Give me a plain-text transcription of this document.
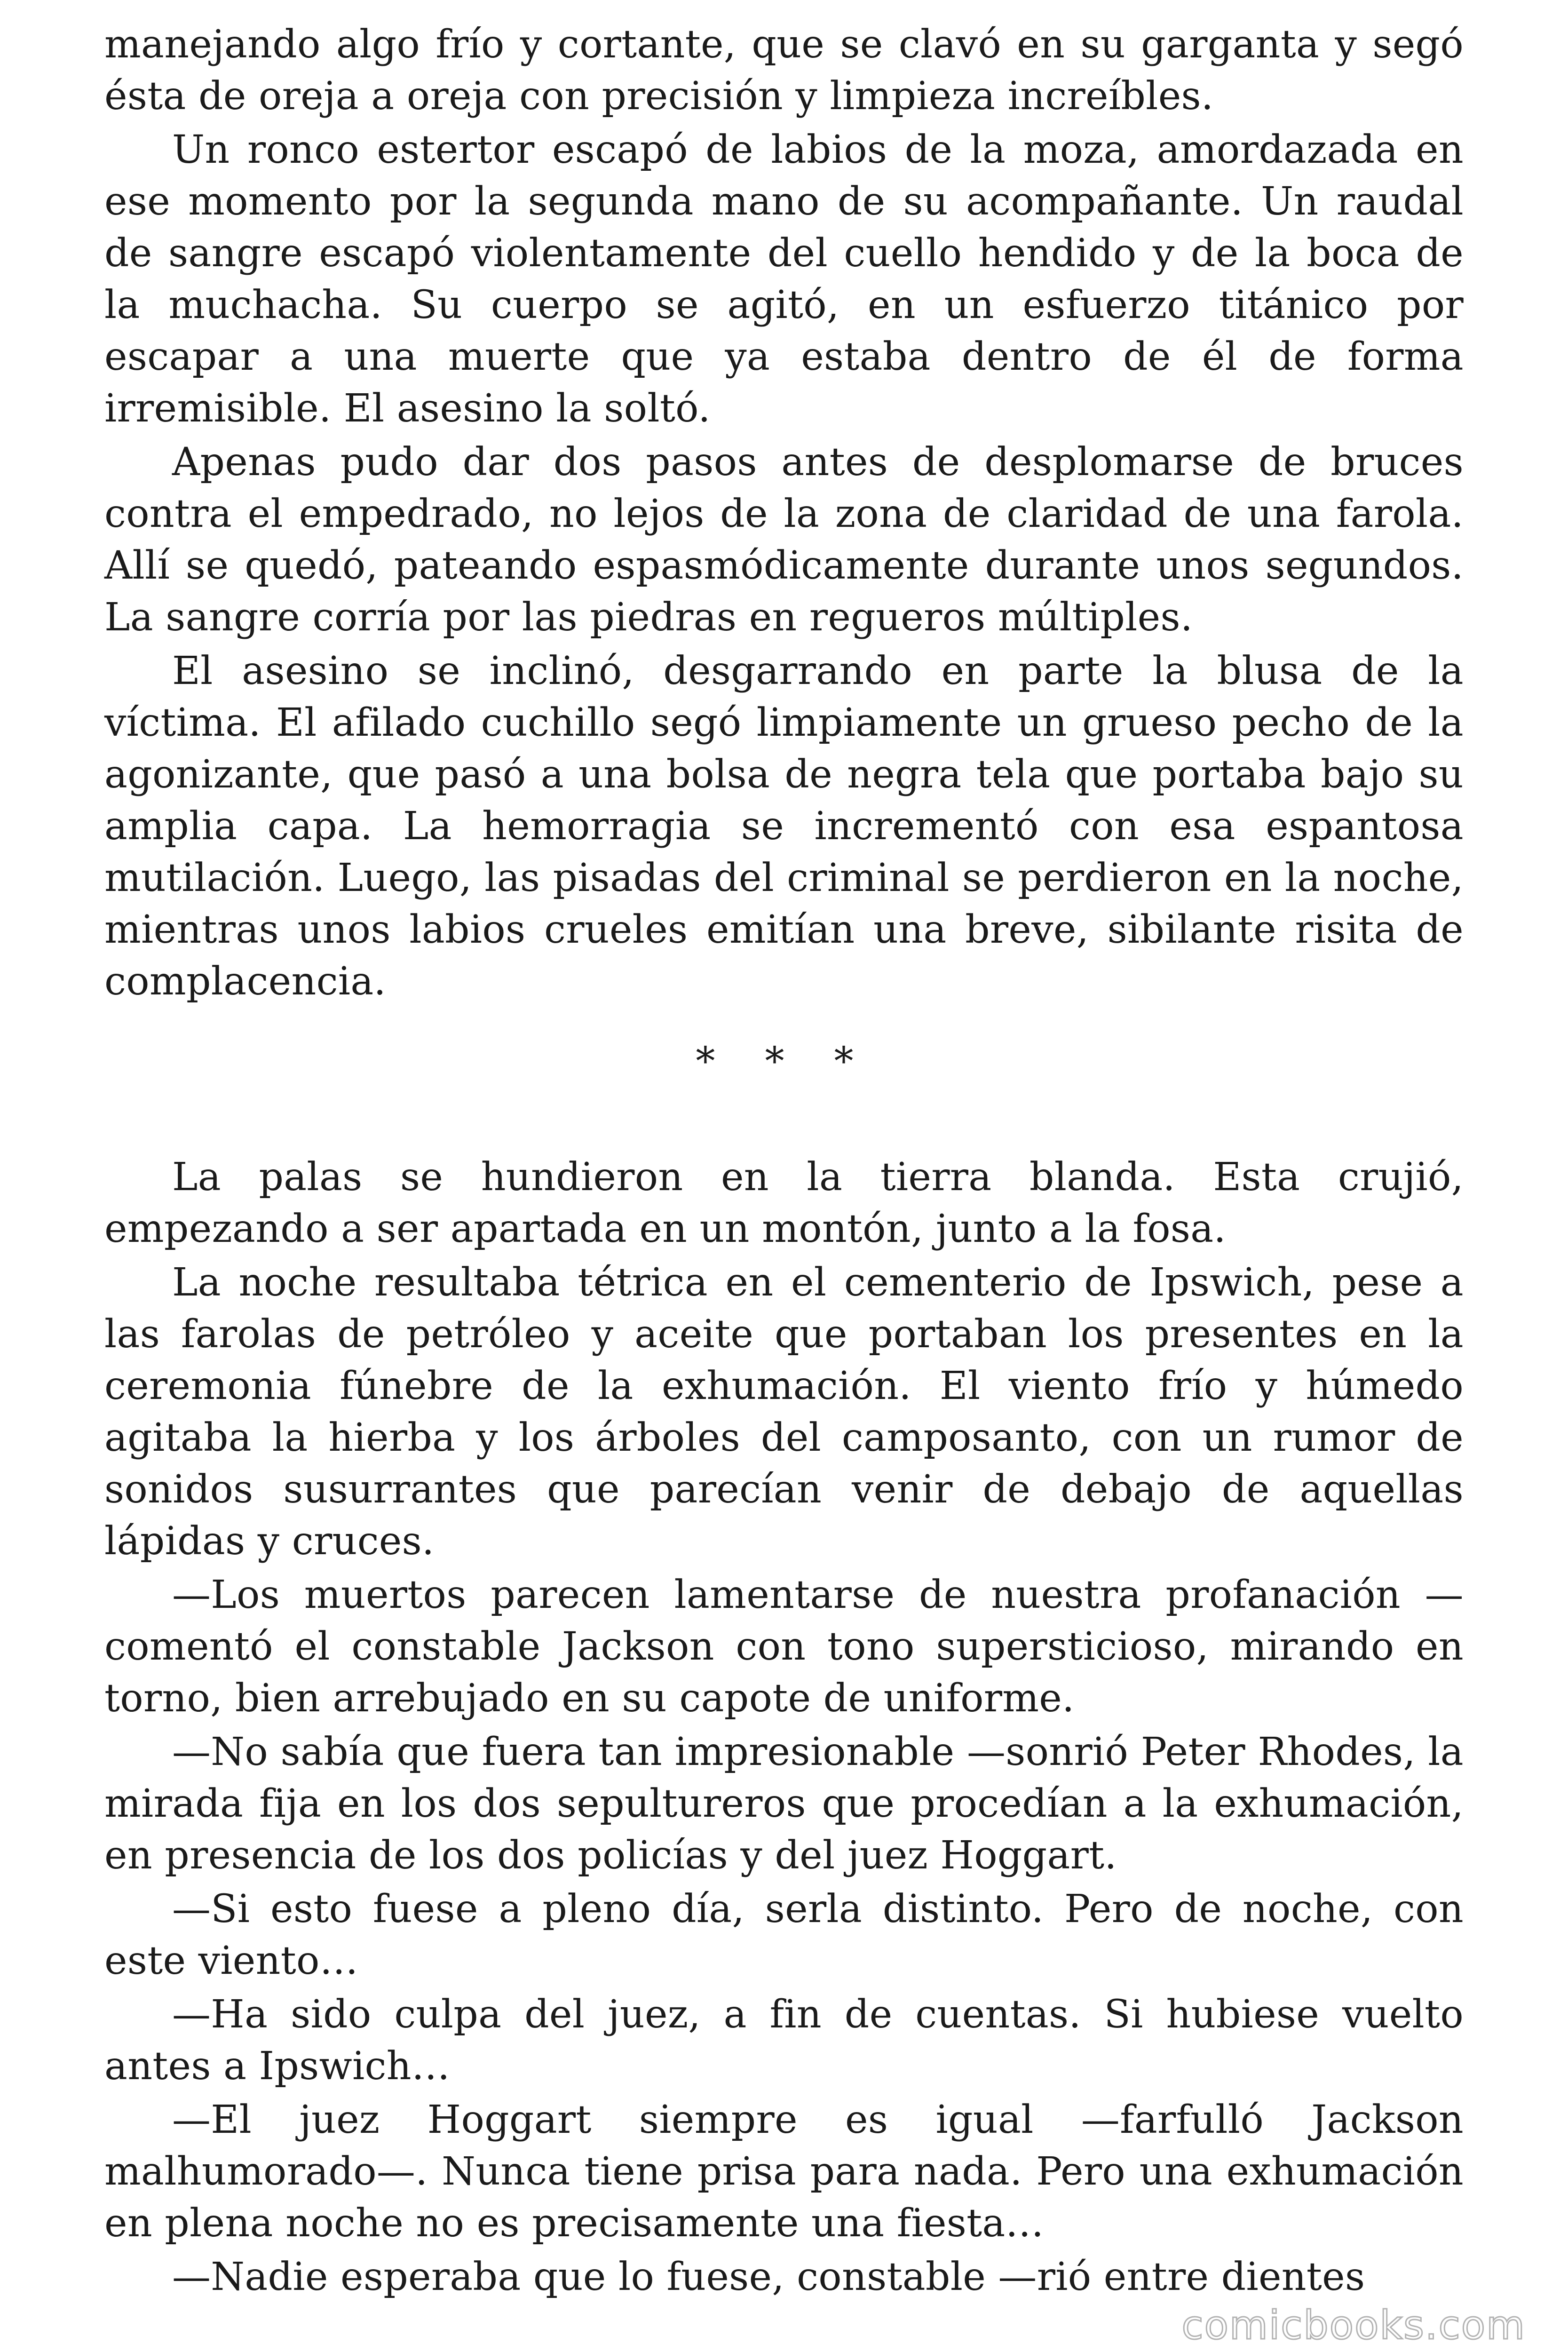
manejando algo frío y cortante, que se clavó en su garganta y segó ésta de oreja a oreja con precisión y limpieza increíbles.

Un ronco estertor escapó de labios de la moza, amordazada en ese momento por la segunda mano de su acompañante. Un raudal de sangre escapó violentamente del cuello hendido y de la boca de la muchacha. Su cuerpo se agitó, en un esfuerzo titánico por escapar a una muerte que ya estaba dentro de él de forma irremisible. El asesino la soltó.

Apenas pudo dar dos pasos antes de desplomarse de bruces contra el empedrado, no lejos de la zona de claridad de una farola. Allí se quedó, pateando espasmódicamente durante unos segundos. La sangre corría por las piedras en regueros múltiples.

El asesino se inclinó, desgarrando en parte la blusa de la víctima. El afilado cuchillo segó limpiamente un grueso pecho de la agonizante, que pasó a una bolsa de negra tela que portaba bajo su amplia capa. La hemorragia se incrementó con esa espantosa mutilación. Luego, las pisadas del criminal se perdieron en la noche, mientras unos labios crueles emitían una breve, sibilante risita de complacencia.

* * *

La palas se hundieron en la tierra blanda. Esta crujió, empezando a ser apartada en un montón, junto a la fosa.

La noche resultaba tétrica en el cementerio de Ipswich, pese a las farolas de petróleo y aceite que portaban los presentes en la ceremonia fúnebre de la exhumación. El viento frío y húmedo agitaba la hierba y los árboles del camposanto, con un rumor de sonidos susurrantes que parecían venir de debajo de aquellas lápidas y cruces.

—Los muertos parecen lamentarse de nuestra profanación —comentó el constable Jackson con tono supersticioso, mirando en torno, bien arrebujado en su capote de uniforme.

—No sabía que fuera tan impresionable —sonrió Peter Rhodes, la mirada fija en los dos sepultureros que procedían a la exhumación, en presencia de los dos policías y del juez Hoggart.

—Si esto fuese a pleno día, serla distinto. Pero de noche, con este viento…

—Ha sido culpa del juez, a fin de cuentas. Si hubiese vuelto antes a Ipswich…

—El juez Hoggart siempre es igual —farfulló Jackson malhumorado—. Nunca tiene prisa para nada. Pero una exhumación en plena noche no es precisamente una fiesta…

—Nadie esperaba que lo fuese, constable —rió entre dientes

comicbooks.com
